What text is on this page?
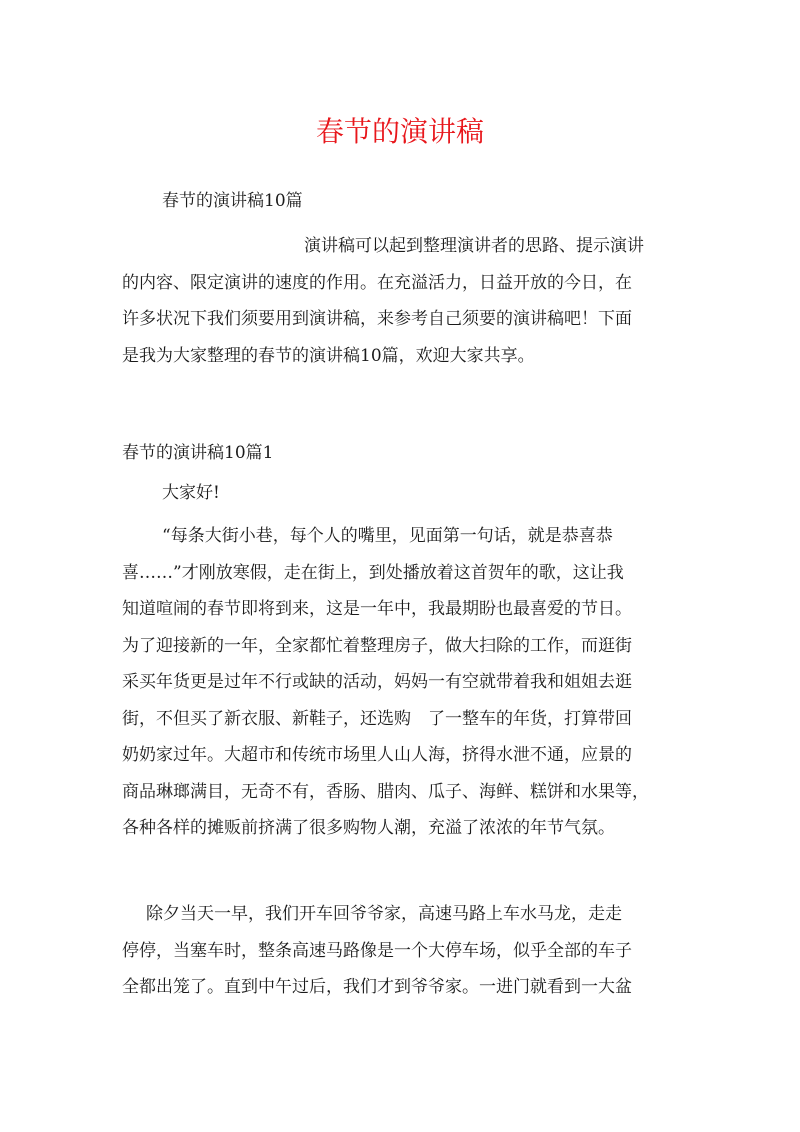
春节的演讲稿

春节的演讲稿10篇

演讲稿可以起到整理演讲者的思路、提示演讲
的内容、限定演讲的速度的作用。在充溢活力，日益开放的今日，在
许多状况下我们须要用到演讲稿，来参考自己须要的演讲稿吧！下面
是我为大家整理的春节的演讲稿10篇，欢迎大家共享。

春节的演讲稿10篇1

大家好!

“每条大街小巷，每个人的嘴里，见面第一句话，就是恭喜恭
喜……”才刚放寒假，走在街上，到处播放着这首贺年的歌，这让我
知道喧闹的春节即将到来，这是一年中，我最期盼也最喜爱的节日。
为了迎接新的一年，全家都忙着整理房子，做大扫除的工作，而逛街
采买年货更是过年不行或缺的活动，妈妈一有空就带着我和姐姐去逛
街，不但买了新衣服、新鞋子，还选购　了一整车的年货，打算带回
奶奶家过年。大超市和传统市场里人山人海，挤得水泄不通，应景的
商品琳瑯满目，无奇不有，香肠、腊肉、瓜子、海鲜、糕饼和水果等，
各种各样的摊贩前挤满了很多购物人潮，充溢了浓浓的年节气氛。
除夕当天一早，我们开车回爷爷家，高速马路上车水马龙，走走
停停，当塞车时，整条高速马路像是一个大停车场，似乎全部的车子
全都出笼了。直到中午过后，我们才到爷爷家。一进门就看到一大盆
